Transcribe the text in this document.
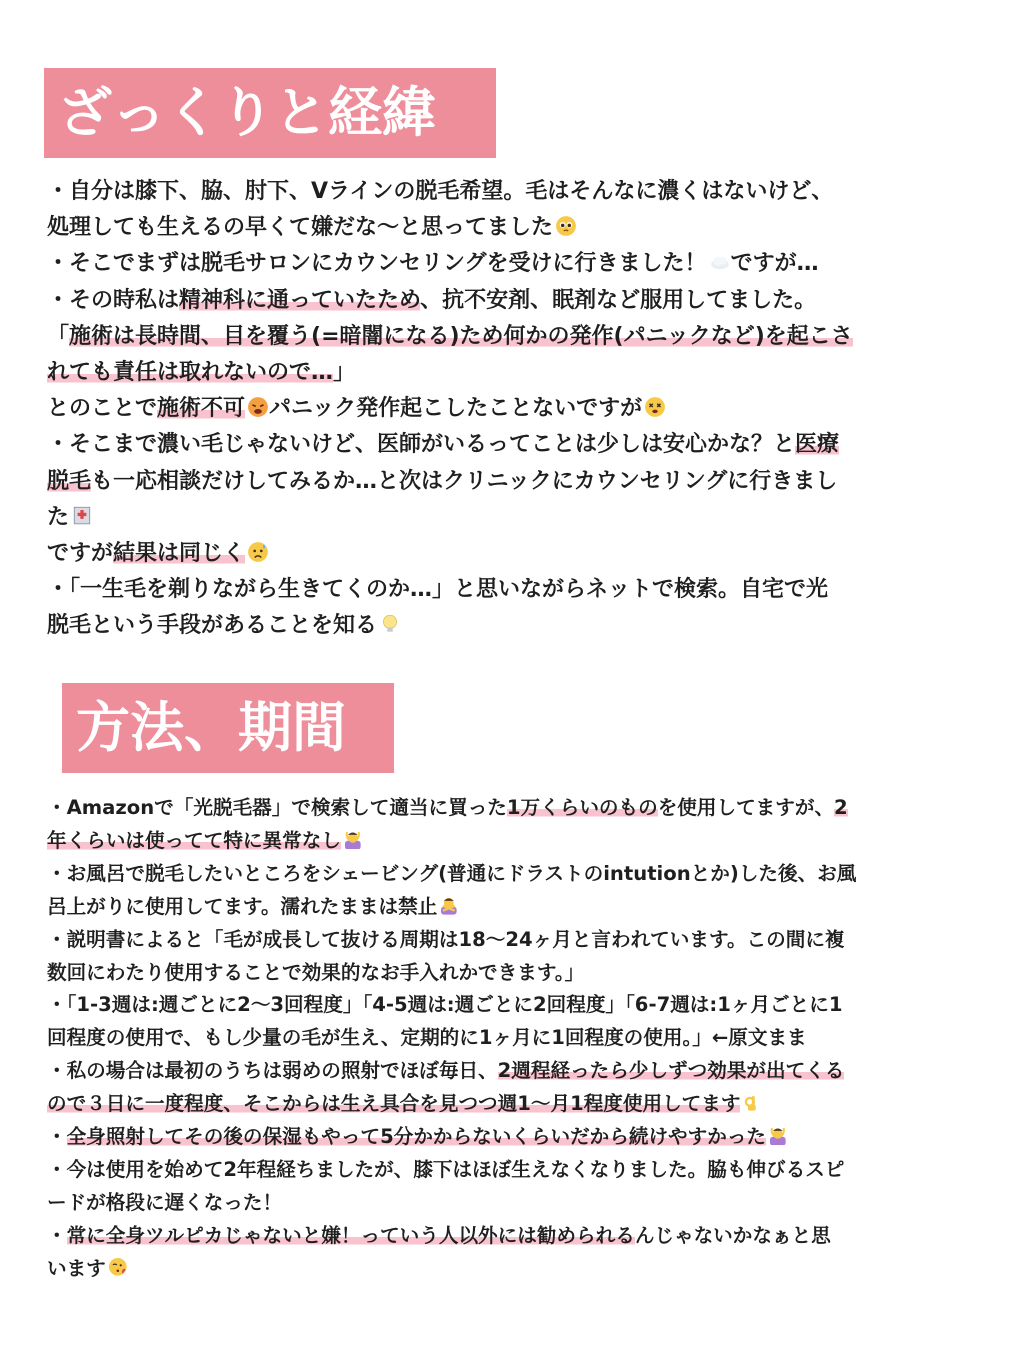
ざっくりと経緯
・自分は膝下、脇、肘下、Vラインの脱毛希望。毛はそんなに濃くはないけど、
処理しても生えるの早くて嫌だな〜と思ってました
・そこでまずは脱毛サロンにカウンセリングを受けに行きました！ ですが…
・その時私は精神科に通っていたため、抗不安剤、眠剤など服用してました。
「施術は長時間、目を覆う(=暗闇になる)ため何かの発作(パニックなど)を起こさ
れても責任は取れないので…」
とのことで施術不可 パニック発作起こしたことないですが
・そこまで濃い毛じゃないけど、医師がいるってことは少しは安心かな？と医療
脱毛も一応相談だけしてみるか…と次はクリニックにカウンセリングに行きまし
た
ですが結果は同じく
・「一生毛を剃りながら生きてくのか…」と思いながらネットで検索。自宅で光
脱毛という手段があることを知る
方法、期間
・Amazonで「光脱毛器」で検索して適当に買った1万くらいのものを使用してますが、2
年くらいは使ってて特に異常なし
・お風呂で脱毛したいところをシェービング(普通にドラストのintutionとか)した後、お風
呂上がりに使用してます。濡れたままは禁止
・説明書によると「毛が成長して抜ける周期は18〜24ヶ月と言われています。この間に複
数回にわたり使用することで効果的なお手入れかできます。」
・「1-3週は:週ごとに2〜3回程度」「4-5週は:週ごとに2回程度」「6-7週は:1ヶ月ごとに1
回程度の使用で、もし少量の毛が生え、定期的に1ヶ月に1回程度の使用。」←原文まま
・私の場合は最初のうちは弱めの照射でほぼ毎日、2週程経ったら少しずつ効果が出てくる
ので３日に一度程度、そこからは生え具合を見つつ週1〜月1程度使用してます
・全身照射してその後の保湿もやって5分かからないくらいだから続けやすかった
・今は使用を始めて2年程経ちましたが、膝下はほぼ生えなくなりました。脇も伸びるスピ
ードが格段に遅くなった！
・常に全身ツルピカじゃないと嫌！っていう人以外には勧められるんじゃないかなぁと思
います
